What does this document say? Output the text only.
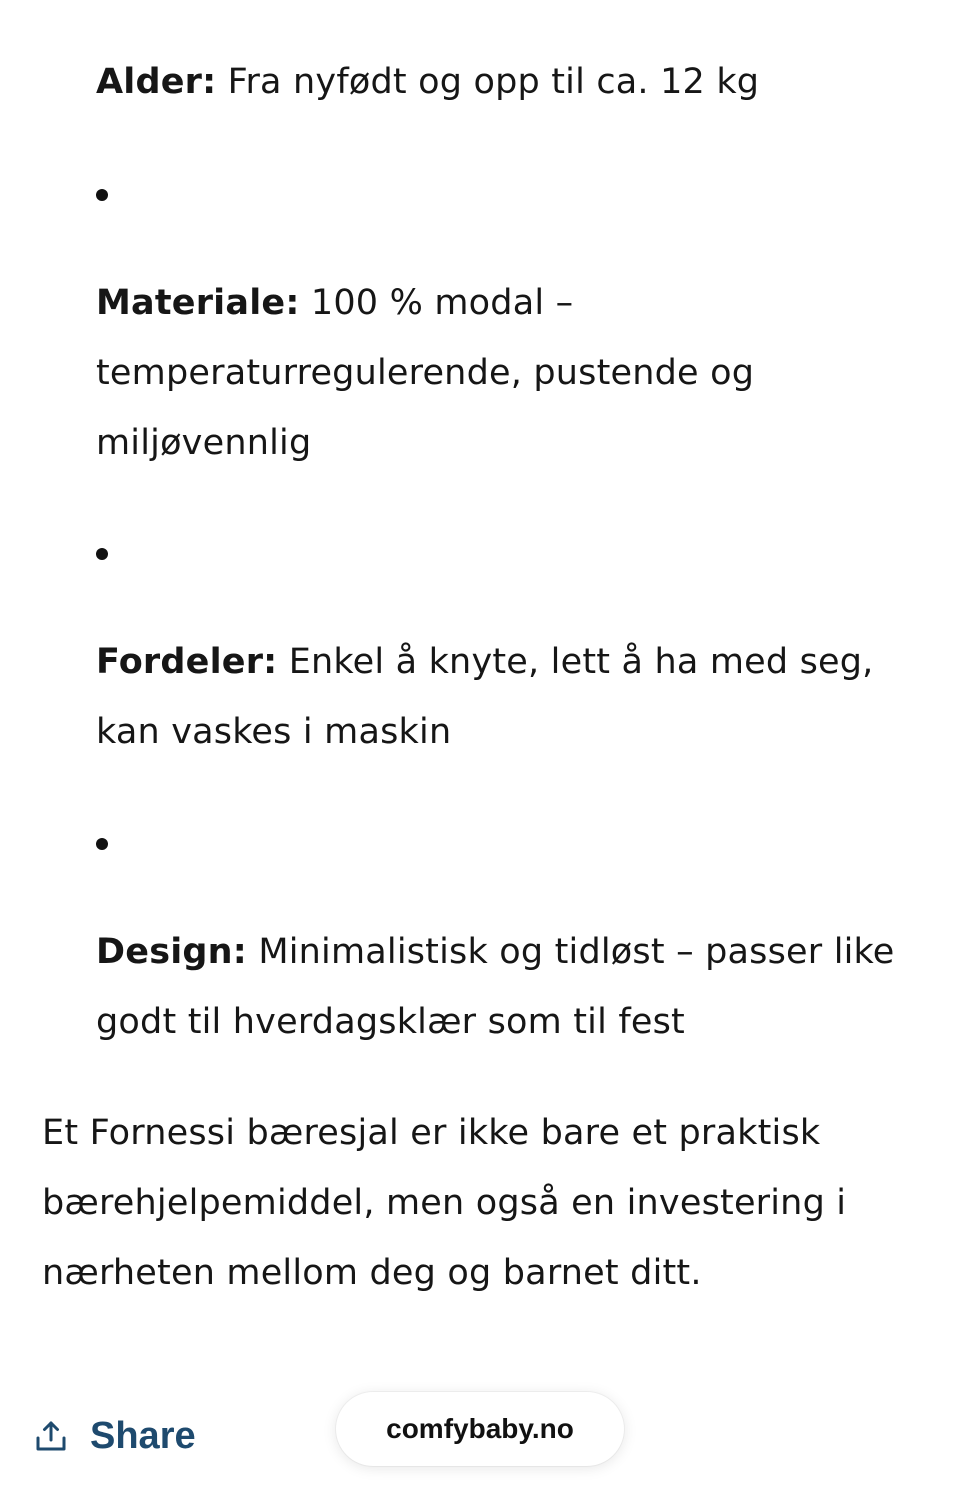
Alder: Fra nyfødt og opp til ca. 12 kg
Materiale: 100 % modal – temperaturregulerende, pustende og miljøvennlig
Fordeler: Enkel å knyte, lett å ha med seg, kan vaskes i maskin
Design: Minimalistisk og tidløst – passer like godt til hverdagsklær som til fest
Et Fornessi bæresjal er ikke bare et praktisk bærehjelpemiddel, men også en investering i nærheten mellom deg og barnet ditt.
Share	comfybaby.no
